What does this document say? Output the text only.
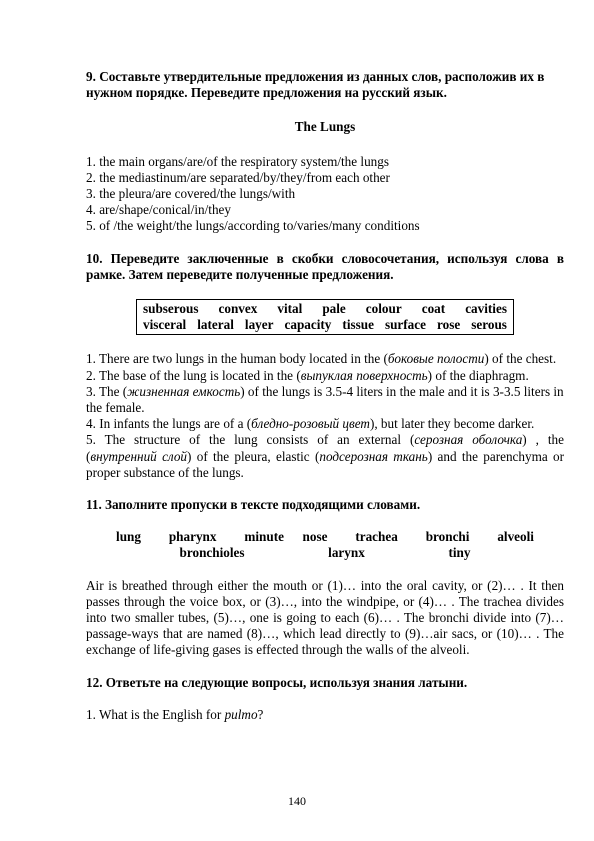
9. Составьте утвердительные предложения из данных слов, расположив их в нужном порядке. Переведите предложения на русский язык.

The Lungs

1. the main organs/are/of the respiratory system/the lungs

2. the mediastinum/are separated/by/they/from each other

3. the pleura/are covered/the lungs/with

4. are/shape/conical/in/they

5. of /the weight/the lungs/according to/varies/many conditions

10. Переведите заключенные в скобки словосочетания, используя слова в рамке. Затем переведите полученные предложения.

subserous convex vital pale colour coat cavities
visceral lateral layer capacity tissue surface rose serous

1. There are two lungs in the human body located in the (боковые полости) of the chest.

2. The base of the lung is located in the (выпуклая поверхность) of the diaphragm.

3. The (жизненная емкость) of the lungs is 3.5-4 liters in the male and it is 3-3.5 liters in the female.

4. In infants the lungs are of a (бледно-розовый цвет), but later they become darker.

5. The structure of the lung consists of an external (серозная оболочка) , the (внутренний слой) of the pleura, elastic (подсерозная ткань) and the parenchyma or proper substance of the lungs.

11. Заполните пропуски в тексте подходящими словами.

lung   pharynx   minute  nose   trachea   bronchi   alveoli

bronchioles         larynx         tiny

Air is breathed through either the mouth or (1)… into the oral cavity, or (2)… . It then passes through the voice box, or (3)…, into the windpipe, or (4)… . The trachea divides into two smaller tubes, (5)…, one is going to each (6)… . The bronchi divide into (7)… passage-ways that are named (8)…, which lead directly to (9)…air sacs, or (10)… . The exchange of life-giving gases is effected through the walls of the alveoli.

12. Ответьте на следующие вопросы, используя знания латыни.

1. What is the English for pulmo?

140
